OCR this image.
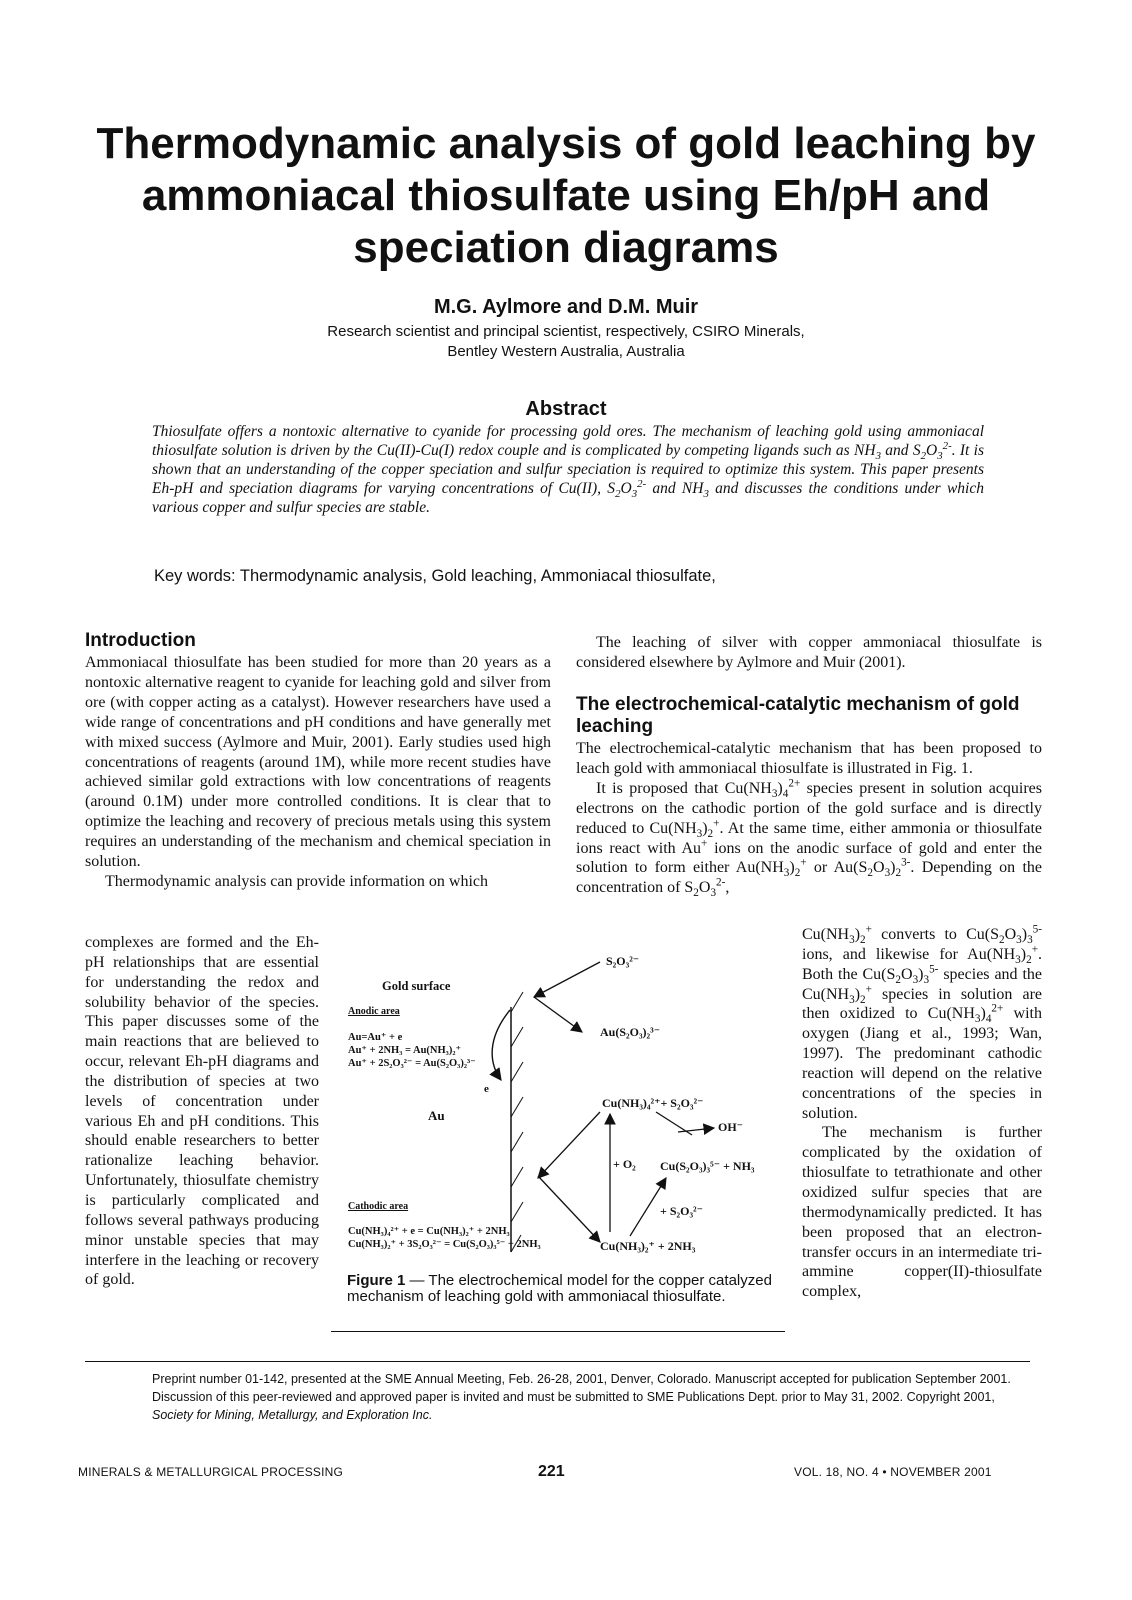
Thermodynamic analysis of gold leaching by ammoniacal thiosulfate using Eh/pH and speciation diagrams
M.G. Aylmore and D.M. Muir
Research scientist and principal scientist, respectively, CSIRO Minerals,
Bentley Western Australia, Australia
Abstract
Thiosulfate offers a nontoxic alternative to cyanide for processing gold ores. The mechanism of leaching gold using ammoniacal thiosulfate solution is driven by the Cu(II)-Cu(I) redox couple and is complicated by competing ligands such as $NH_3$ and $S_2O_3^{2-}$. It is shown that an understanding of the copper speciation and sulfur speciation is required to optimize this system. This paper presents Eh-pH and speciation diagrams for varying concentrations of Cu(II), $S_2O_3^{2-}$ and $NH_3$ and discusses the conditions under which various copper and sulfur species are stable.
Key words: Thermodynamic analysis, Gold leaching, Ammoniacal thiosulfate,
Introduction

Ammoniacal thiosulfate has been studied for more than 20 years as a nontoxic alternative reagent to cyanide for leaching gold and silver from ore (with copper acting as a catalyst). However researchers have used a wide range of concentrations and pH conditions and have generally met with mixed success (Aylmore and Muir, 2001). Early studies used high concentrations of reagents (around 1M), while more recent studies have achieved similar gold extractions with low concentrations of reagents (around 0.1M) under more controlled conditions. It is clear that to optimize the leaching and recovery of precious metals using this system requires an understanding of the mechanism and chemical speciation in solution.

Thermodynamic analysis can provide information on which

complexes are formed and the Eh-pH relationships that are essential for understanding the redox and solubility behavior of the species. This paper discusses some of the main reactions that are believed to occur, relevant Eh-pH diagrams and the distribution of species at two levels of concentration under various Eh and pH conditions. This should enable researchers to better rationalize leaching behavior. Unfortunately, thiosulfate chemistry is particularly complicated and follows several pathways producing minor unstable species that may interfere in the leaching or recovery of gold.

The leaching of silver with copper ammoniacal thiosulfate is considered elsewhere by Aylmore and Muir (2001).

The electrochemical-catalytic mechanism of gold leaching

The electrochemical-catalytic mechanism that has been proposed to leach gold with ammoniacal thiosulfate is illustrated in Fig. 1.

It is proposed that $Cu(NH_3)_4^{2+}$ species present in solution acquires electrons on the cathodic portion of the gold surface and is directly reduced to $Cu(NH_3)_2^+$. At the same time, either ammonia or thiosulfate ions react with Au+ ions on the anodic surface of gold and enter the solution to form either $Au(NH_3)_2^+$ or $Au(S_2O_3)_2^{3-}$. Depending on the concentration of $S_2O_3^{2-}$,

$Cu(NH_3)_2^+$ converts to $Cu(S_2O_3)_3^{5-}$ ions, and likewise for $Au(NH_3)_2^+$. Both the $Cu(S_2O_3)_3^{5-}$ species and the $Cu(NH_3)_2^+$ species in solution are then oxidized to $Cu(NH_3)_4^{2+}$ with oxygen (Jiang et al., 1993; Wan, 1997). The predominant cathodic reaction will depend on the relative concentrations of the species in solution.

The mechanism is further complicated by the oxidation of thiosulfate to tetrathionate and other oxidized sulfur species that are thermodynamically predicted. It has been proposed that an electron-transfer occurs in an intermediate tri-ammine copper(II)-thiosulfate complex,

Gold surface
Anodic area
Au=Au⁺ + e
Au⁺ + 2NH₃ = Au(NH₃)₂⁺
Au⁺ + 2S₂O₃²⁻ = Au(S₂O₃)₂³⁻
e
Au
Cathodic area
Cu(NH₃)₄²⁺ + e = Cu(NH₃)₂⁺ + 2NH₃
Cu(NH₃)₂⁺ + 3S₂O₃²⁻ = Cu(S₂O₃)₃⁵⁻ + 2NH₃
S₂O₃²⁻
Au(S₂O₃)₂³⁻
Cu(NH₃)₄²⁺+ S₂O₃²⁻
OH⁻
+ O₂ Cu(S₂O₃)₃⁵⁻ + NH₃
+ S₂O₃²⁻
Cu(NH₃)₂⁺ + 2NH₃
Figure 1 — The electrochemical model for the copper catalyzed mechanism of leaching gold with ammoniacal thiosulfate.
Preprint number 01-142, presented at the SME Annual Meeting, Feb. 26-28, 2001, Denver, Colorado. Manuscript accepted for publication September 2001. Discussion of this peer-reviewed and approved paper is invited and must be submitted to SME Publications Dept. prior to May 31, 2002. Copyright 2001, Society for Mining, Metallurgy, and Exploration Inc.
MINERALS & METALLURGICAL PROCESSING	221	VOL. 18, NO. 4 • NOVEMBER 2001
